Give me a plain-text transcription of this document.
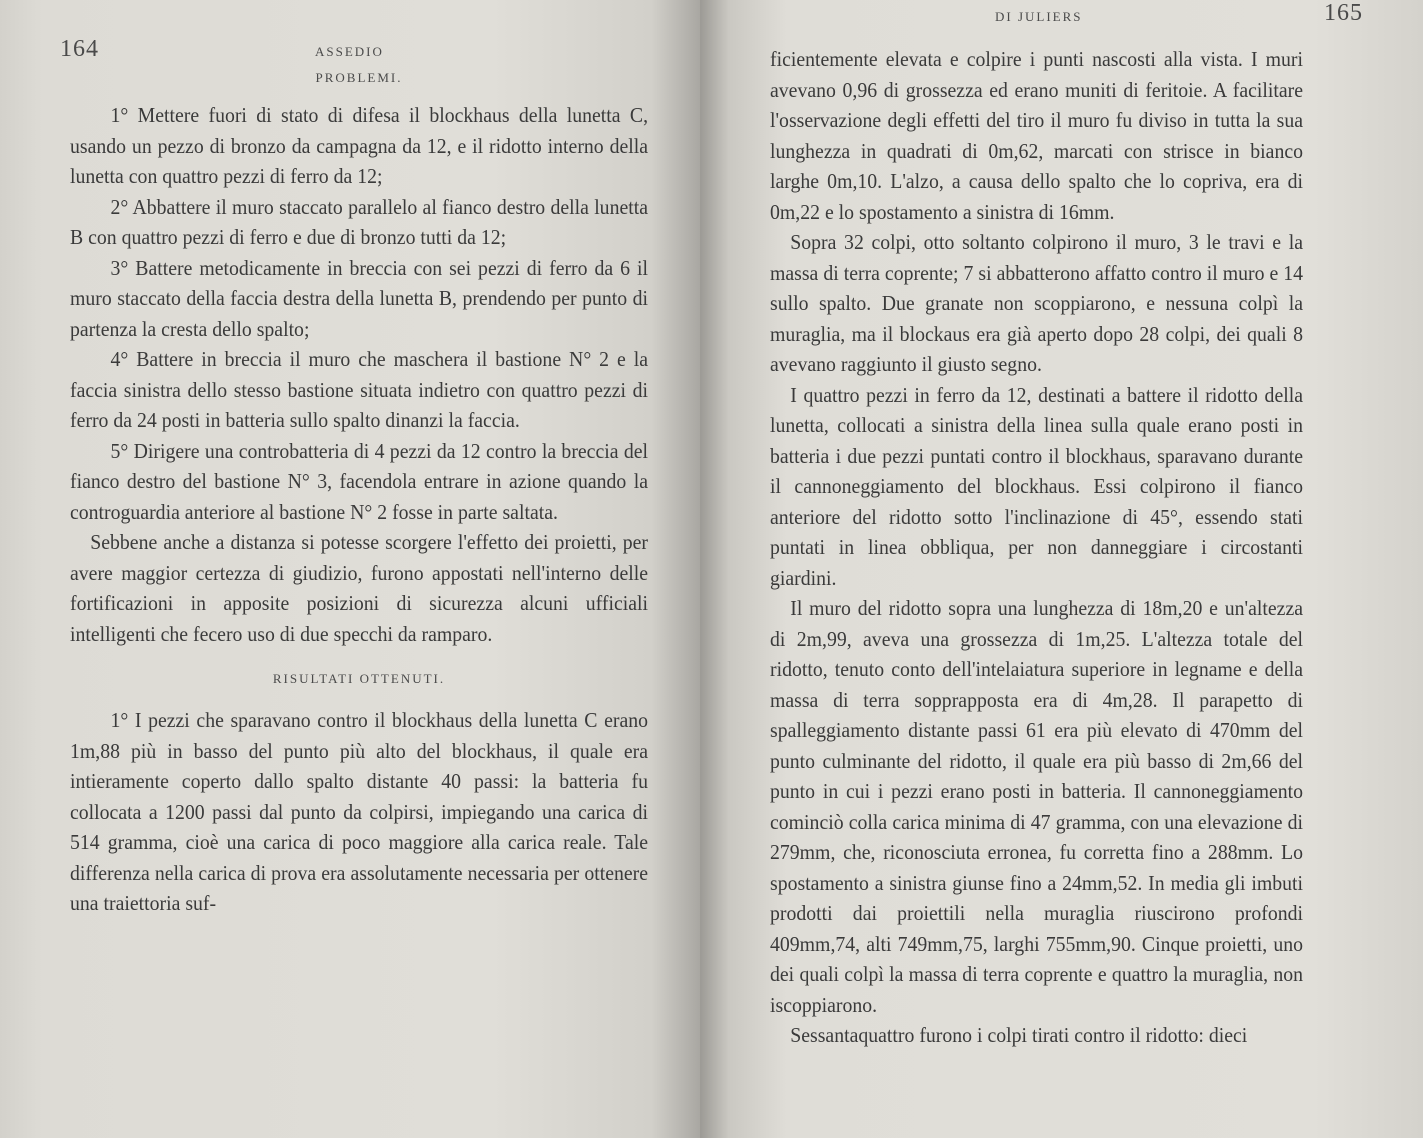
164	ASSEDIO

PROBLEMI.

1° Mettere fuori di stato di difesa il blockhaus della lunetta C, usando un pezzo di bronzo da campagna da 12, e il ridotto interno della lunetta con quattro pezzi di ferro da 12;

2° Abbattere il muro staccato parallelo al fianco destro della lunetta B con quattro pezzi di ferro e due di bronzo tutti da 12;

3° Battere metodicamente in breccia con sei pezzi di ferro da 6 il muro staccato della faccia destra della lunetta B, prendendo per punto di partenza la cresta dello spalto;

4° Battere in breccia il muro che maschera il bastione N° 2 e la faccia sinistra dello stesso bastione situata indietro con quattro pezzi di ferro da 24 posti in batteria sullo spalto dinanzi la faccia.

5° Dirigere una controbatteria di 4 pezzi da 12 contro la breccia del fianco destro del bastione N° 3, facendola entrare in azione quando la controguardia anteriore al bastione N° 2 fosse in parte saltata.

Sebbene anche a distanza si potesse scorgere l'effetto dei proietti, per avere maggior certezza di giudizio, furono appostati nell'interno delle fortificazioni in apposite posizioni di sicurezza alcuni ufficiali intelligenti che fecero uso di due specchi da ramparo.

RISULTATI OTTENUTI.

1° I pezzi che sparavano contro il blockhaus della lunetta C erano 1m,88 più in basso del punto più alto del blockhaus, il quale era intieramente coperto dallo spalto distante 40 passi: la batteria fu collocata a 1200 passi dal punto da colpirsi, impiegando una carica di 514 gramma, cioè una carica di poco maggiore alla carica reale. Tale differenza nella carica di prova era assolutamente necessaria per ottenere una traiettoria suf-

DI JULIERS	165

ficientemente elevata e colpire i punti nascosti alla vista. I muri avevano 0,96 di grossezza ed erano muniti di feritoie. A facilitare l'osservazione degli effetti del tiro il muro fu diviso in tutta la sua lunghezza in quadrati di 0m,62, marcati con strisce in bianco larghe 0m,10. L'alzo, a causa dello spalto che lo copriva, era di 0m,22 e lo spostamento a sinistra di 16mm.

Sopra 32 colpi, otto soltanto colpirono il muro, 3 le travi e la massa di terra coprente; 7 si abbatterono affatto contro il muro e 14 sullo spalto. Due granate non scoppiarono, e nessuna colpì la muraglia, ma il blockaus era già aperto dopo 28 colpi, dei quali 8 avevano raggiunto il giusto segno.

I quattro pezzi in ferro da 12, destinati a battere il ridotto della lunetta, collocati a sinistra della linea sulla quale erano posti in batteria i due pezzi puntati contro il blockhaus, sparavano durante il cannoneggiamento del blockhaus. Essi colpirono il fianco anteriore del ridotto sotto l'inclinazione di 45°, essendo stati puntati in linea obbliqua, per non danneggiare i circostanti giardini.

Il muro del ridotto sopra una lunghezza di 18m,20 e un'altezza di 2m,99, aveva una grossezza di 1m,25. L'altezza totale del ridotto, tenuto conto dell'intelaiatura superiore in legname e della massa di terra sopprapposta era di 4m,28. Il parapetto di spalleggiamento distante passi 61 era più elevato di 470mm del punto culminante del ridotto, il quale era più basso di 2m,66 del punto in cui i pezzi erano posti in batteria. Il cannoneggiamento cominciò colla carica minima di 47 gramma, con una elevazione di 279mm, che, riconosciuta erronea, fu corretta fino a 288mm. Lo spostamento a sinistra giunse fino a 24mm,52. In media gli imbuti prodotti dai proiettili nella muraglia riuscirono profondi 409mm,74, alti 749mm,75, larghi 755mm,90. Cinque proietti, uno dei quali colpì la massa di terra coprente e quattro la muraglia, non iscoppiarono.

Sessantaquattro furono i colpi tirati contro il ridotto: dieci
